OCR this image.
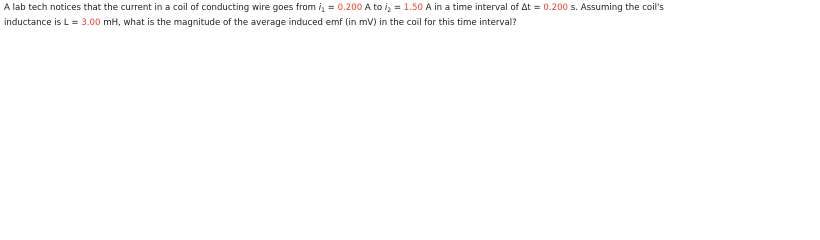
A lab tech notices that the current in a coil of conducting wire goes from $i_1 = 0.200$ A to $i_2 = 1.50$ A in a time interval of Δt = 0.200 s. Assuming the coil's
inductance is L = 3.00 mH, what is the magnitude of the average induced emf (in mV) in the coil for this time interval?
